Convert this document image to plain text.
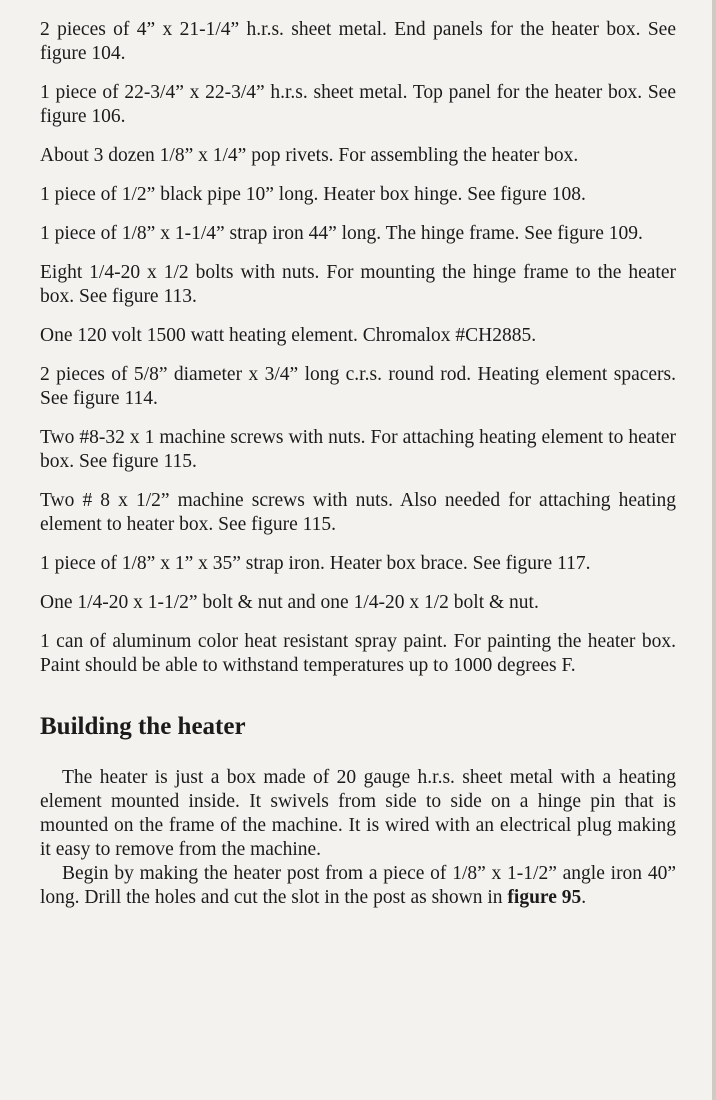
2 pieces of 4” x 21-1/4” h.r.s. sheet metal. End panels for the heater box. See figure 104.

1 piece of 22-3/4” x 22-3/4” h.r.s. sheet metal. Top panel for the heater box. See figure 106.

About 3 dozen 1/8” x 1/4” pop rivets. For assembling the heater box.

1 piece of 1/2” black pipe 10” long. Heater box hinge. See figure 108.

1 piece of 1/8” x 1-1/4” strap iron 44” long. The hinge frame. See figure 109.

Eight 1/4-20 x 1/2 bolts with nuts. For mounting the hinge frame to the heater box. See figure 113.

One 120 volt 1500 watt heating element. Chromalox #CH2885.

2 pieces of 5/8” diameter x 3/4” long c.r.s. round rod. Heating element spacers. See figure 114.

Two #8-32 x 1 machine screws with nuts. For attaching heating element to heater box. See figure 115.

Two # 8 x 1/2” machine screws with nuts. Also needed for attaching heating element to heater box. See figure 115.

1 piece of 1/8” x 1” x 35” strap iron. Heater box brace. See figure 117.

One 1/4-20 x 1-1/2” bolt & nut and one 1/4-20 x 1/2 bolt & nut.

1 can of aluminum color heat resistant spray paint. For painting the heater box. Paint should be able to withstand temperatures up to 1000 degrees F.

Building the heater

The heater is just a box made of 20 gauge h.r.s. sheet metal with a heating element mounted inside. It swivels from side to side on a hinge pin that is mounted on the frame of the machine. It is wired with an electrical plug making it easy to remove from the machine.

Begin by making the heater post from a piece of 1/8” x 1-1/2” angle iron 40” long. Drill the holes and cut the slot in the post as shown in figure 95.
